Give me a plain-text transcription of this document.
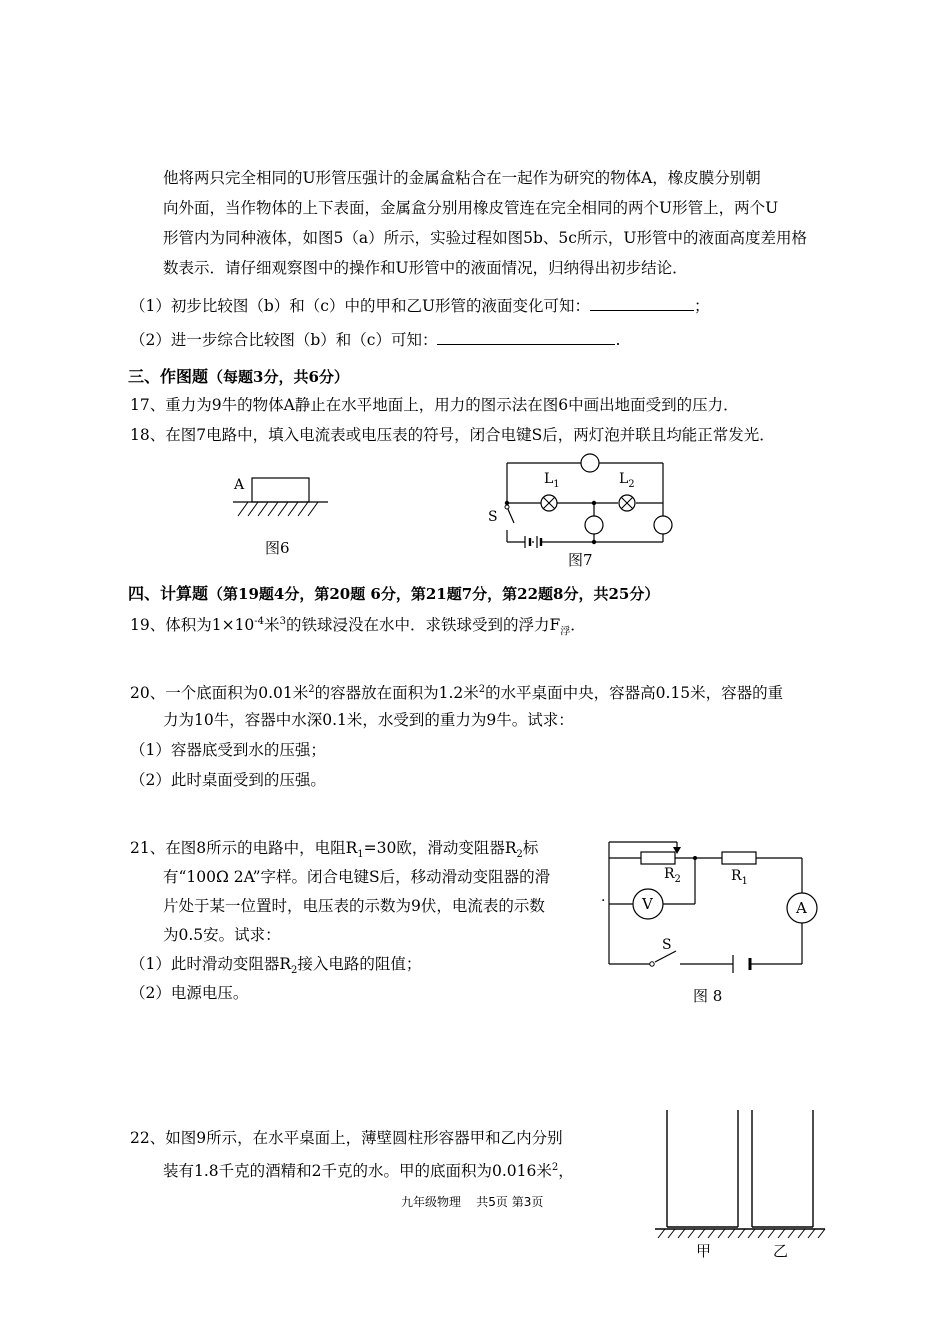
他将两只完全相同的U形管压强计的金属盒粘合在一起作为研究的物体A，橡皮膜分别朝
向外面，当作物体的上下表面，金属盒分别用橡皮管连在完全相同的两个U形管上，两个U
形管内为同种液体，如图5（a）所示，实验过程如图5b、5c所示，U形管中的液面高度差用格
数表示．请仔细观察图中的操作和U形管中的液面情况，归纳得出初步结论．
（1）初步比较图（b）和（c）中的甲和乙U形管的液面变化可知：	；
（2）进一步综合比较图（b）和（c）可知：	.
三、作图题（每题3分，共6分）
17、重力为9牛的物体A静止在水平地面上，用力的图示法在图6中画出地面受到的压力．
18、在图7电路中，填入电流表或电压表的符号，闭合电键S后，两灯泡并联且均能正常发光．
A
图6
$L_1$	$L_2$
S
图7
四、计算题（第19题4分，第20题 6分，第21题7分，第22题8分，共25分）
19、体积为$1\times 10^{-4}$米$^3$的铁球浸没在水中．求铁球受到的浮力$F_浮$．
20、一个底面积为0.01米$^2$的容器放在面积为1.2米$^2$的水平桌面中央，容器高0.15米，容器的重
力为10牛，容器中水深0.1米，水受到的重力为9牛。试求：
（1）容器底受到水的压强；
（2）此时桌面受到的压强。
21、在图8所示的电路中，电阻$R_1=30$欧，滑动变阻器$R_2$标
有“100Ω 2A”字样。闭合电键S后，移动滑动变阻器的滑
片处于某一位置时，电压表的示数为9伏，电流表的示数
为0.5安。试求：
（1）此时滑动变阻器$R_2$接入电路的阻值；
（2）电源电压。
V	A
$R_2$	$R_1$
S
·
图 8
22、如图9所示，在水平桌面上，薄壁圆柱形容器甲和乙内分别
装有1.8千克的酒精和2千克的水。甲的底面积为0.016米$^2$，
甲	乙
九年级物理    共5页 第3页
